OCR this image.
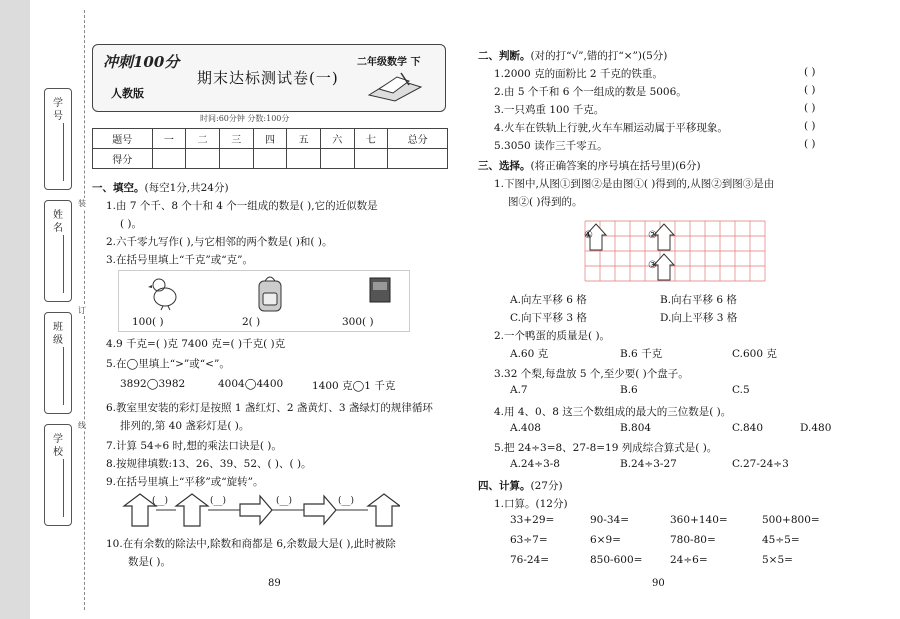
学号
姓名
班级
学校
装
订
线
冲刺100分
人教版
期末达标测试卷(一)
二年级数学 下
时间:60分钟 分数:100分
题号	一	二	三	四	五	六	七	总分
得分								
一、填空。(每空1分,共24分)
1.由 7 个千、8 个十和 4 个一组成的数是( ),它的近似数是
( )。
2.六千零九写作( ),与它相邻的两个数是( )和( )。
3.在括号里填上“千克”或“克”。
100( )	2( )	300( )
4.9 千克=( )克 7400 克=( )千克( )克
5.在◯里填上“>”或“<”。
3892◯3982	4004◯4400	1400 克◯1 千克
6.教室里安装的彩灯是按照 1 盏红灯、2 盏黄灯、3 盏绿灯的规律循环
排列的,第 40 盏彩灯是( )。
7.计算 54÷6 时,想的乘法口诀是( )。
8.按规律填数:13、26、39、52、( )、( )。
9.在括号里填上“平移”或“旋转”。
(__)	(__)	(__)	(__)
10.在有余数的除法中,除数和商都是 6,余数最大是( ),此时被除
数是( )。
89
二、判断。(对的打“√”,错的打“×”)(5分)
1.2000 克的面粉比 2 千克的铁重。
2.由 5 个千和 6 个一组成的数是 5006。
3.一只鸡重 100 千克。
4.火车在铁轨上行驶,火车车厢运动属于平移现象。
5.3050 读作三千零五。
( )
( )
( )
( )
( )
三、选择。(将正确答案的序号填在括号里)(6分)
1.下图中,从图①到图②是由图①( )得到的,从图②到图③是由
图②( )得到的。
①	②
③
A.向左平移 6 格	B.向右平移 6 格
C.向下平移 3 格	D.向上平移 3 格
2.一个鸭蛋的质量是( )。
A.60 克	B.6 千克	C.600 克
3.32 个梨,每盘放 5 个,至少要( )个盘子。
A.7	B.6	C.5
4.用 4、0、8 这三个数组成的最大的三位数是( )。
A.408	B.804	C.840	D.480
5.把 24÷3=8、27-8=19 列成综合算式是( )。
A.24÷3-8	B.24÷3-27	C.27-24÷3
四、计算。(27分)
1.口算。(12分)
33+29=	90-34=	360+140=	500+800=
63÷7=	6×9=	780-80=	45÷5=
76-24=	850-600=	24÷6=	5×5=
90
